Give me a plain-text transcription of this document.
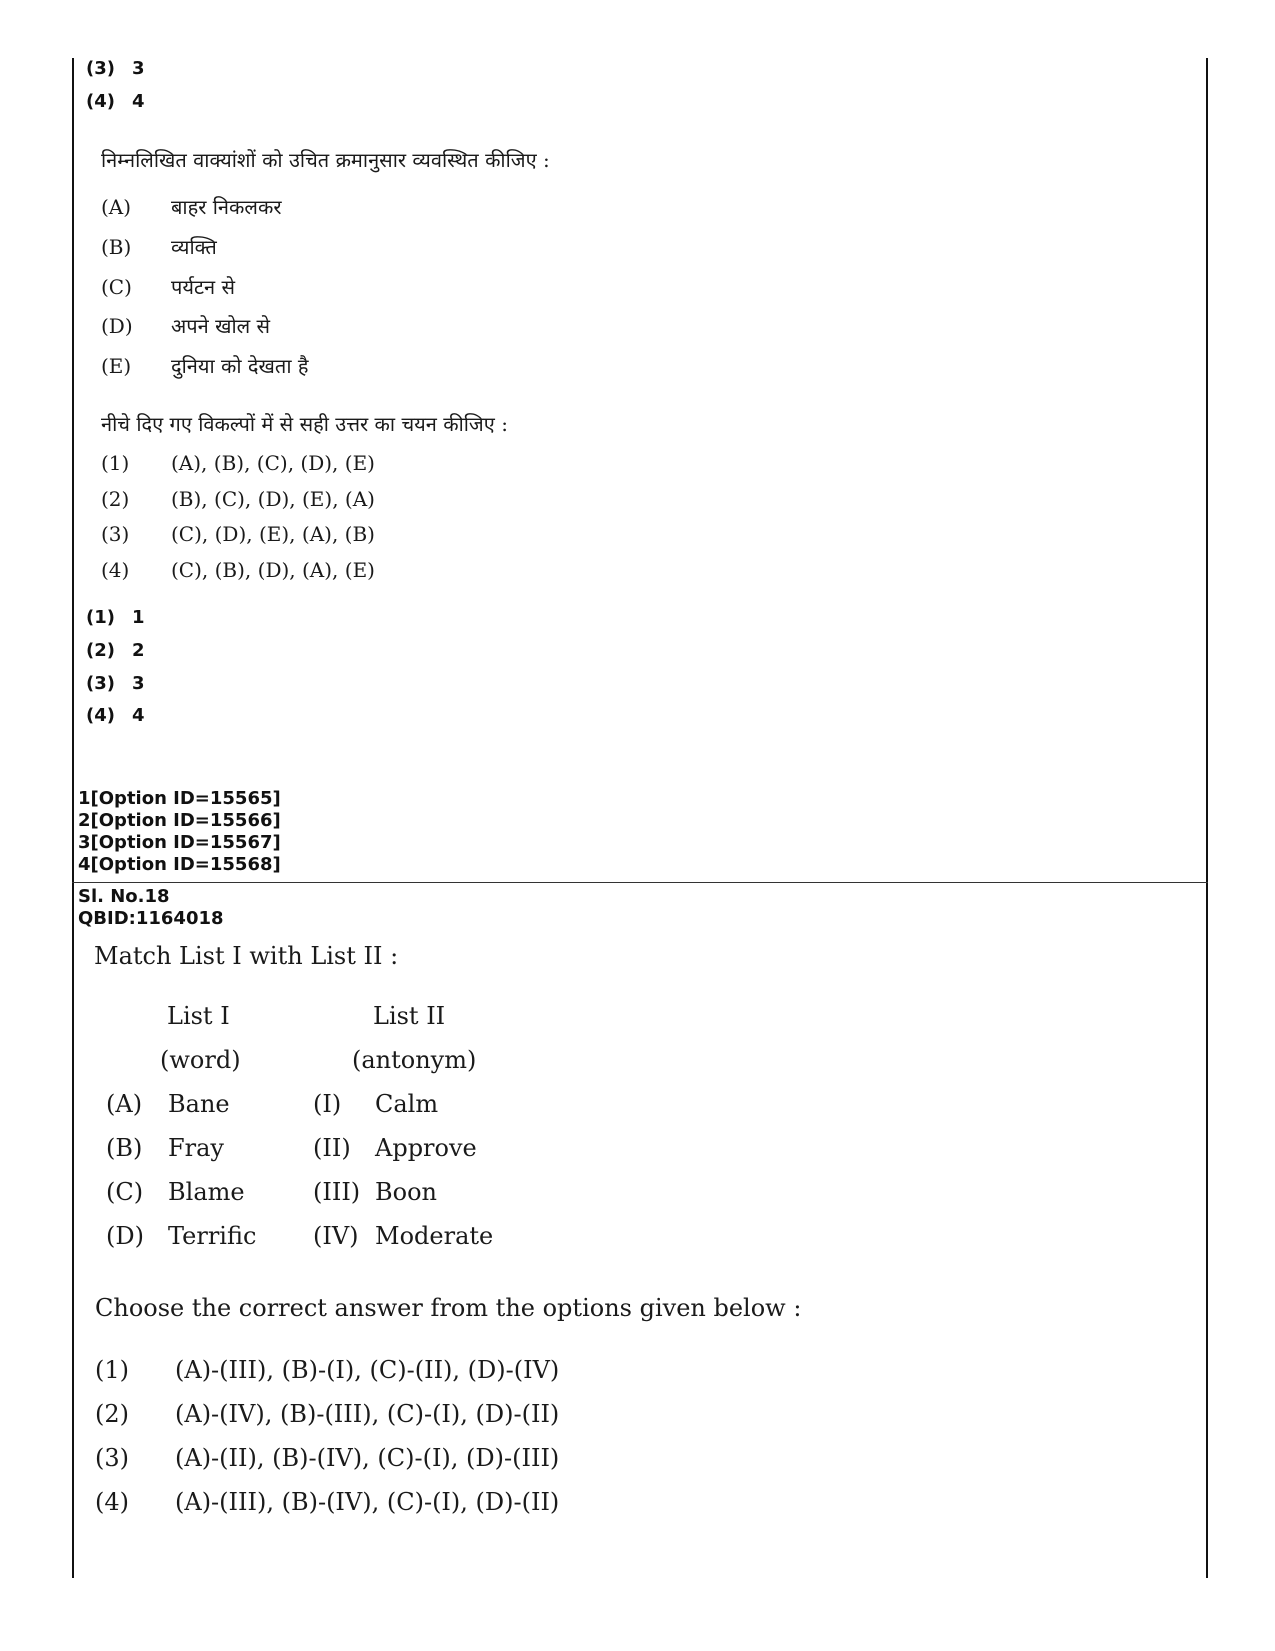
(3) 3
(4) 4
निम्नलिखित वाक्यांशों को उचित क्रमानुसार व्यवस्थित कीजिए :
(A) बाहर निकलकर
(B) व्यक्ति
(C) पर्यटन से
(D) अपने खोल से
(E) दुनिया को देखता है
नीचे दिए गए विकल्पों में से सही उत्तर का चयन कीजिए :
(1) (A), (B), (C), (D), (E)
(2) (B), (C), (D), (E), (A)
(3) (C), (D), (E), (A), (B)
(4) (C), (B), (D), (A), (E)
(1) 1
(2) 2
(3) 3
(4) 4
1[Option ID=15565]
2[Option ID=15566]
3[Option ID=15567]
4[Option ID=15568]
Sl. No.18
QBID:1164018
Match List I with List II :
List I	List II
(word)	(antonym)
(A) Bane	(I) Calm
(B) Fray	(II) Approve
(C) Blame	(III) Boon
(D) Terrific (IV) Moderate
Choose the correct answer from the options given below :
(1) (A)-(III), (B)-(I), (C)-(II), (D)-(IV)
(2) (A)-(IV), (B)-(III), (C)-(I), (D)-(II)
(3) (A)-(II), (B)-(IV), (C)-(I), (D)-(III)
(4) (A)-(III), (B)-(IV), (C)-(I), (D)-(II)
